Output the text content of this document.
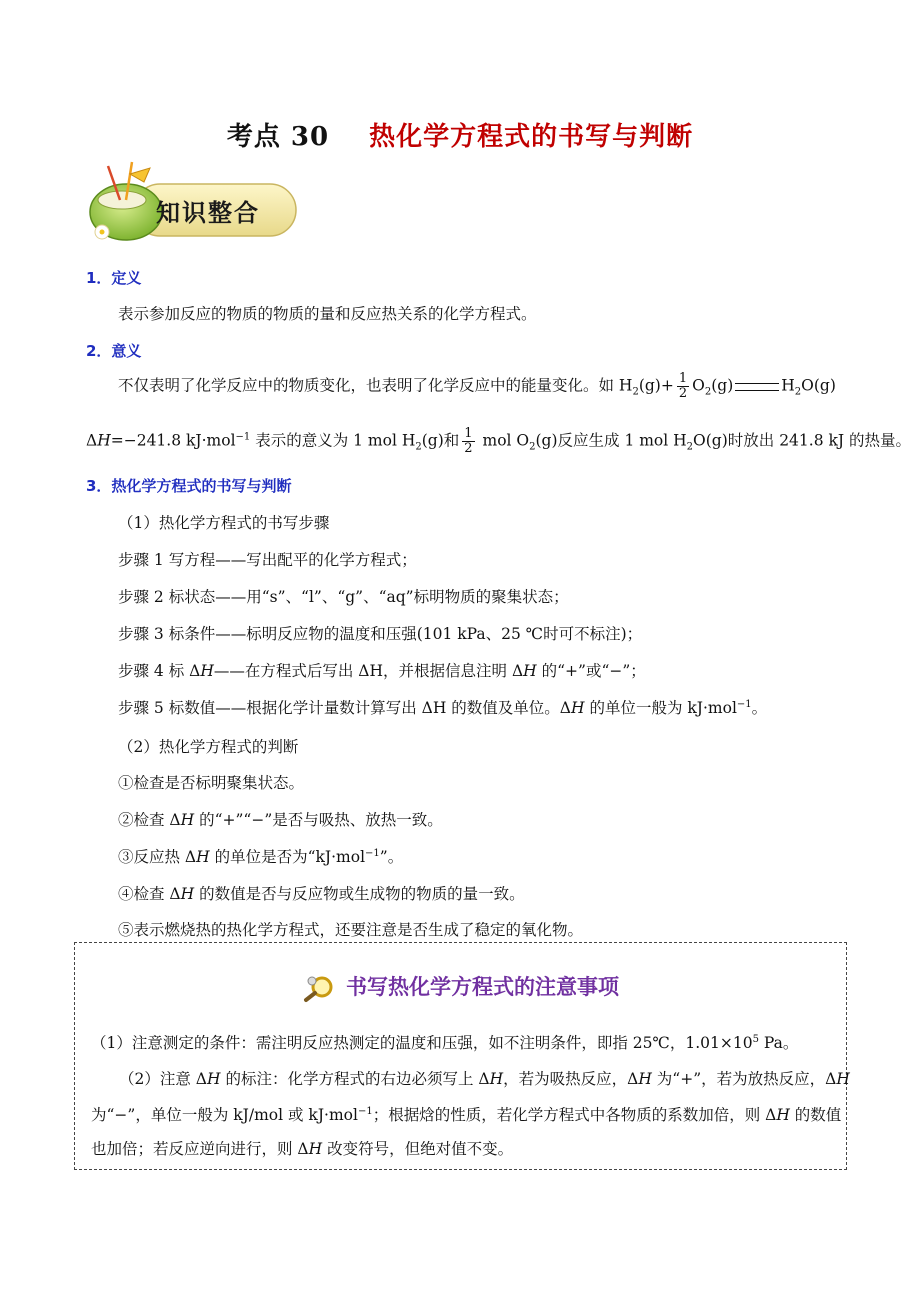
考点 30 热化学方程式的书写与判断
知识整合
1．定义
表示参加反应的物质的物质的量和反应热关系的化学方程式。
2．意义
不仅表明了化学反应中的物质变化，也表明了化学反应中的能量变化。如 $H_2(g)+ \frac{1}{2} O_2(g)$	$H_2O(g)$
ΔH=−241.8 kJ·mol$^{-1}$ 表示的意义为 1 mol $H_2(g)$和 $\frac{1}{2}$ mol $O_2(g)$反应生成 1 mol $H_2O(g)$时放出 241.8 kJ 的热量。
3．热化学方程式的书写与判断
（1）热化学方程式的书写步骤
步骤 1 写方程——写出配平的化学方程式；
步骤 2 标状态——用“s”、“l”、“g”、“aq”标明物质的聚集状态；
步骤 3 标条件——标明反应物的温度和压强(101 kPa、25 ℃时可不标注)；
步骤 4 标 ΔH——在方程式后写出 ΔH，并根据信息注明 ΔH 的“+”或“−”；
步骤 5 标数值——根据化学计量数计算写出 ΔH 的数值及单位。ΔH 的单位一般为 kJ·mol$^{-1}$。
（2）热化学方程式的判断
①检查是否标明聚集状态。
②检查 ΔH 的“+”“−”是否与吸热、放热一致。
③反应热 ΔH 的单位是否为“kJ·mol$^{-1}$”。
④检查 ΔH 的数值是否与反应物或生成物的物质的量一致。
⑤表示燃烧热的热化学方程式，还要注意是否生成了稳定的氧化物。
书写热化学方程式的注意事项
（1）注意测定的条件：需注明反应热测定的温度和压强，如不注明条件，即指 25℃，$1.01\times 10^5$ Pa。
（2）注意 ΔH 的标注：化学方程式的右边必须写上 ΔH，若为吸热反应，ΔH 为“+”，若为放热反应，ΔH
为“−”，单位一般为 kJ/mol 或 kJ·mol$^{-1}$；根据焓的性质，若化学方程式中各物质的系数加倍，则 ΔH 的数值
也加倍；若反应逆向进行，则 ΔH 改变符号，但绝对值不变。
